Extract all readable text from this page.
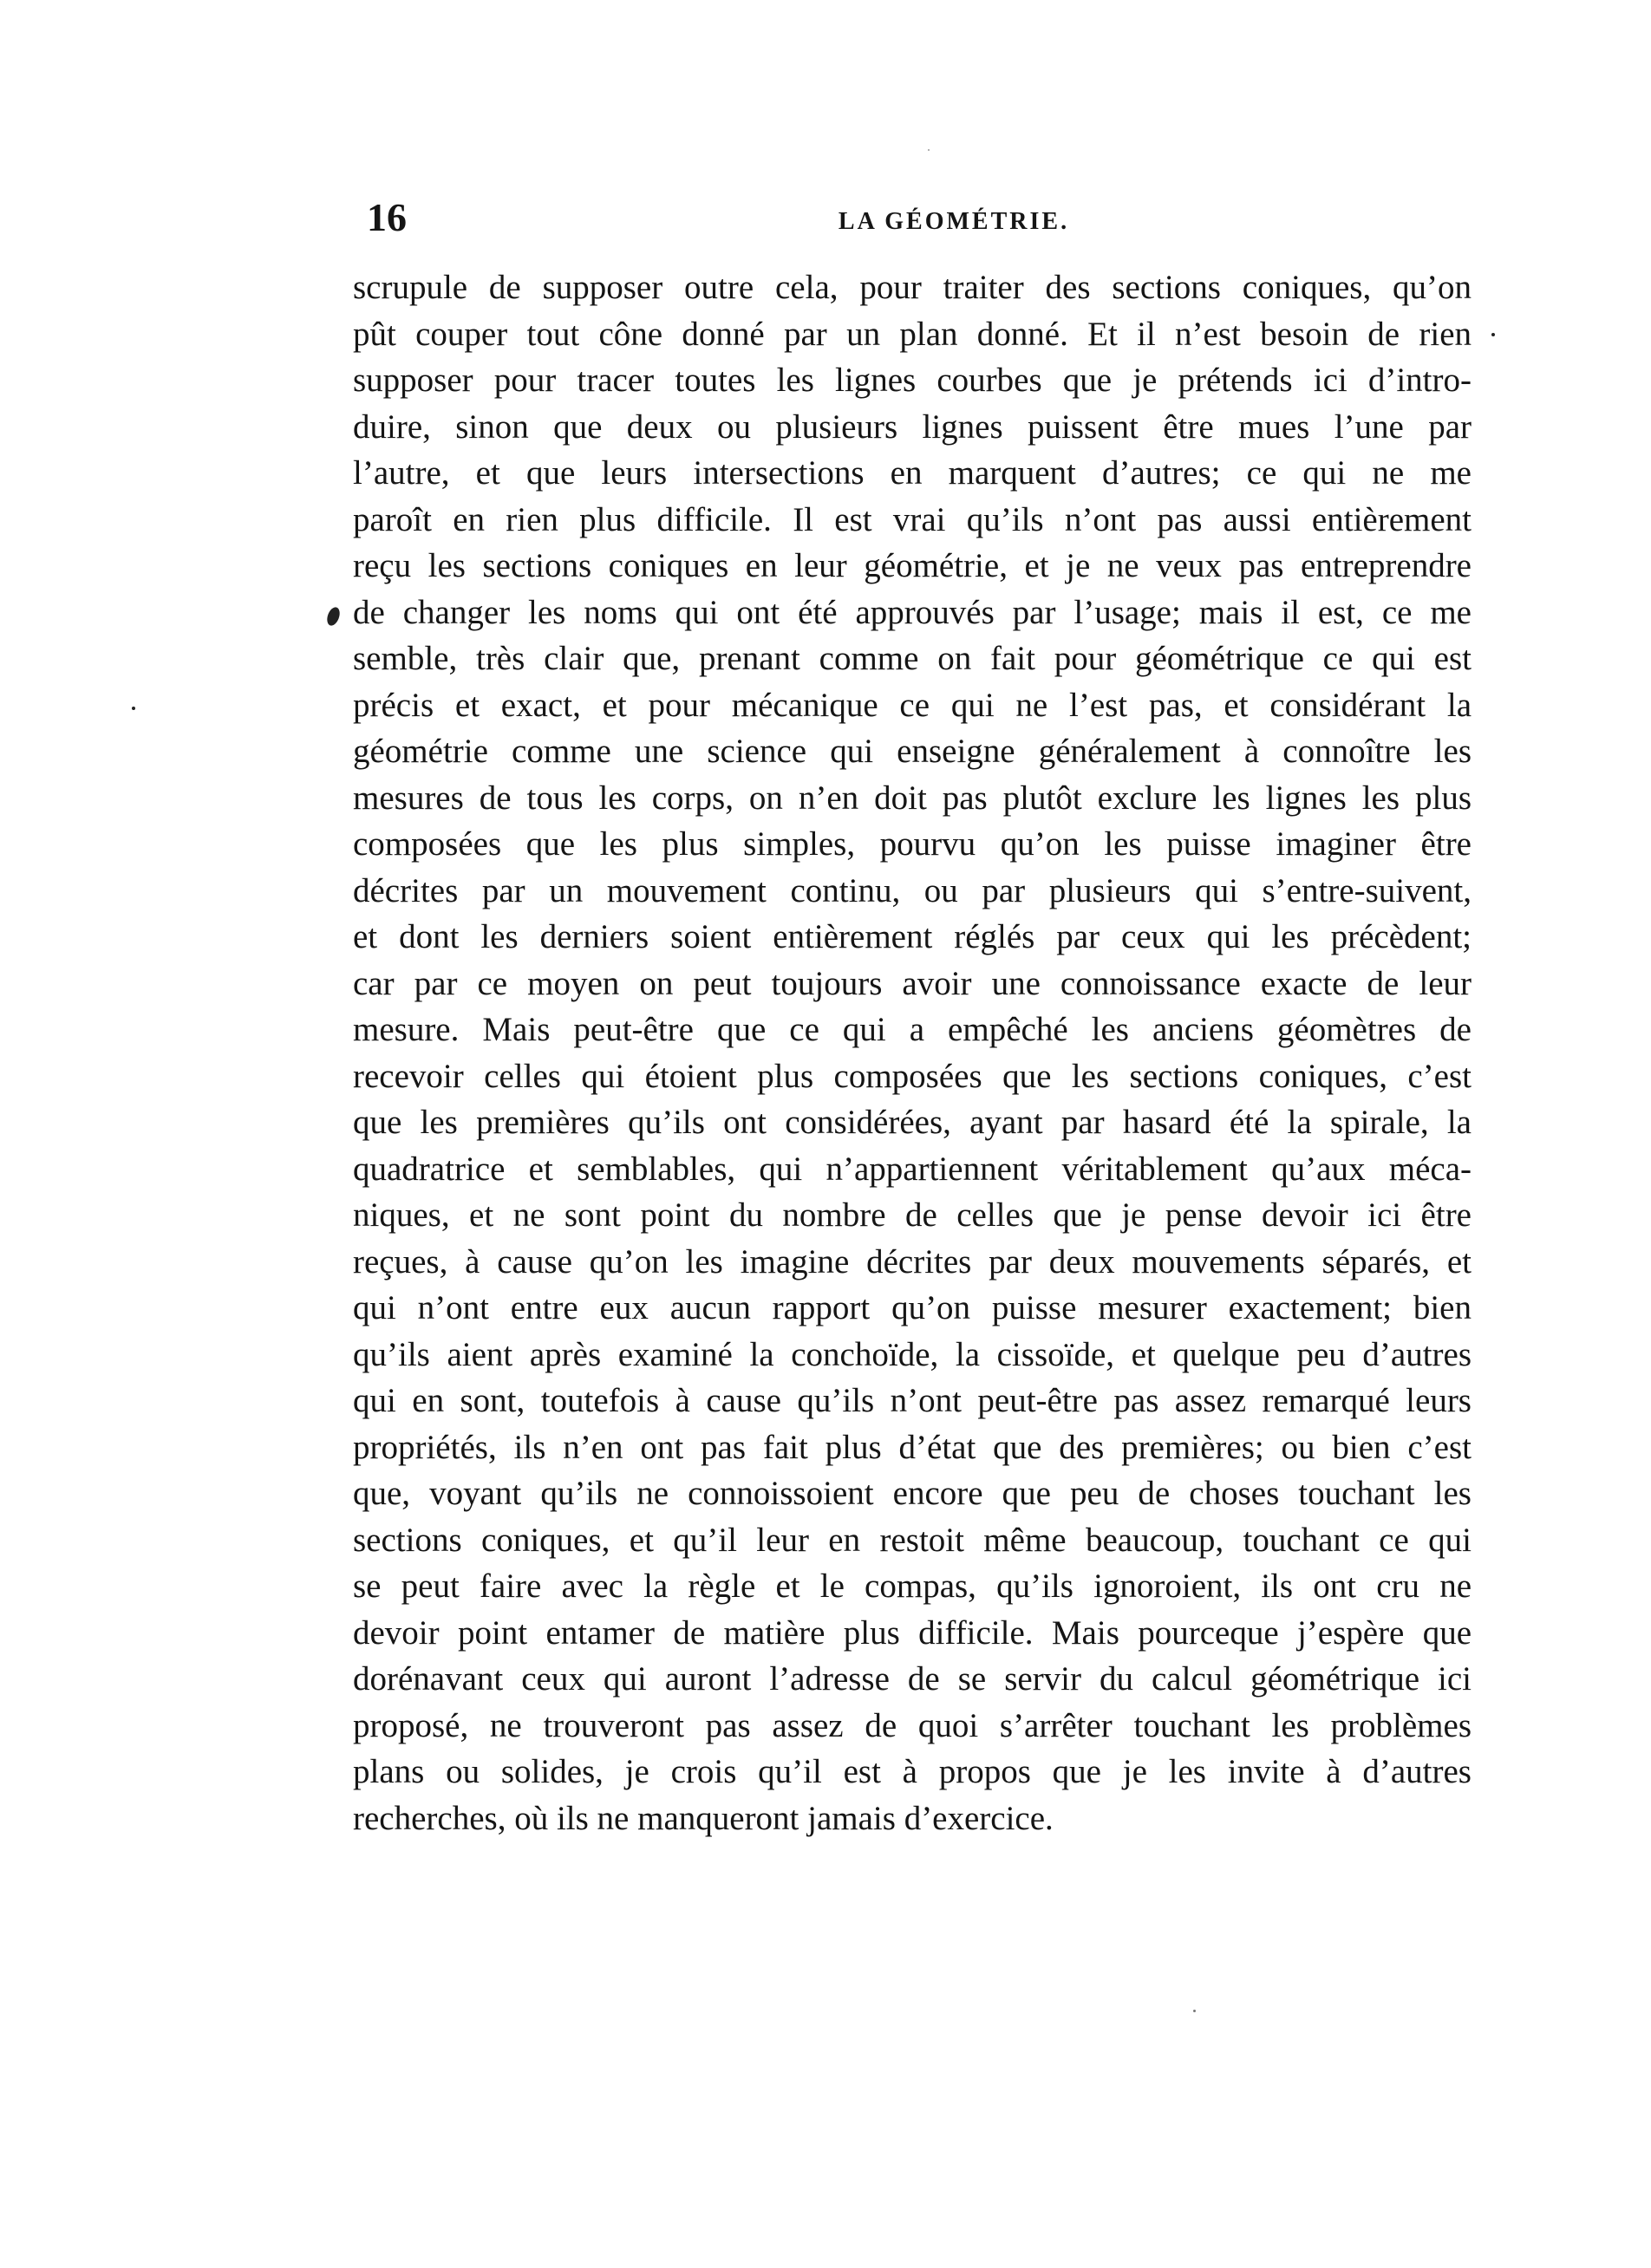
16	LA GÉOMÉTRIE.
scrupule de supposer outre cela, pour traiter des sections coniques, qu’on
pût couper tout cône donné par un plan donné. Et il n’est besoin de rien
supposer pour tracer toutes les lignes courbes que je prétends ici d’intro-
duire, sinon que deux ou plusieurs lignes puissent être mues l’une par
l’autre, et que leurs intersections en marquent d’autres; ce qui ne me
paroît en rien plus difficile. Il est vrai qu’ils n’ont pas aussi entièrement
reçu les sections coniques en leur géométrie, et je ne veux pas entreprendre
de changer les noms qui ont été approuvés par l’usage; mais il est, ce me
semble, très clair que, prenant comme on fait pour géométrique ce qui est
précis et exact, et pour mécanique ce qui ne l’est pas, et considérant la
géométrie comme une science qui enseigne généralement à connoître les
mesures de tous les corps, on n’en doit pas plutôt exclure les lignes les plus
composées que les plus simples, pourvu qu’on les puisse imaginer être
décrites par un mouvement continu, ou par plusieurs qui s’entre-suivent,
et dont les derniers soient entièrement réglés par ceux qui les précèdent;
car par ce moyen on peut toujours avoir une connoissance exacte de leur
mesure. Mais peut-être que ce qui a empêché les anciens géomètres de
recevoir celles qui étoient plus composées que les sections coniques, c’est
que les premières qu’ils ont considérées, ayant par hasard été la spirale, la
quadratrice et semblables, qui n’appartiennent véritablement qu’aux méca-
niques, et ne sont point du nombre de celles que je pense devoir ici être
reçues, à cause qu’on les imagine décrites par deux mouvements séparés, et
qui n’ont entre eux aucun rapport qu’on puisse mesurer exactement; bien
qu’ils aient après examiné la conchoïde, la cissoïde, et quelque peu d’autres
qui en sont, toutefois à cause qu’ils n’ont peut-être pas assez remarqué leurs
propriétés, ils n’en ont pas fait plus d’état que des premières; ou bien c’est
que, voyant qu’ils ne connoissoient encore que peu de choses touchant les
sections coniques, et qu’il leur en restoit même beaucoup, touchant ce qui
se peut faire avec la règle et le compas, qu’ils ignoroient, ils ont cru ne
devoir point entamer de matière plus difficile. Mais pourceque j’espère que
dorénavant ceux qui auront l’adresse de se servir du calcul géométrique ici
proposé, ne trouveront pas assez de quoi s’arrêter touchant les problèmes
plans ou solides, je crois qu’il est à propos que je les invite à d’autres
recherches, où ils ne manqueront jamais d’exercice.
